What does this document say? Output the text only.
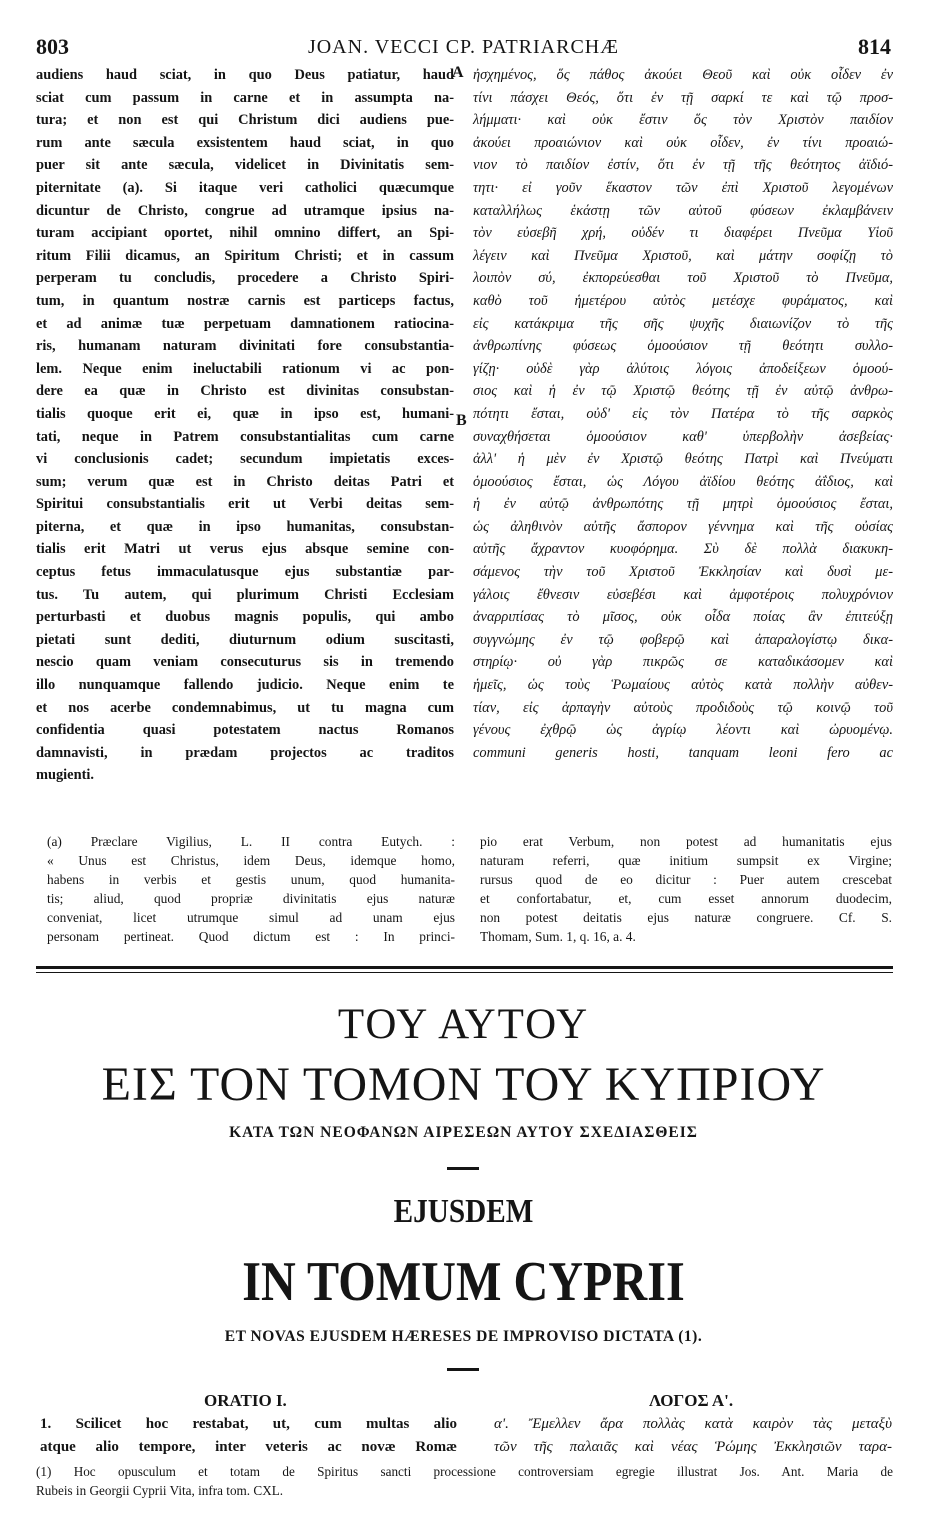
803	JOAN. VECCI CP. PATRIARCHÆ	814
audiens haud sciat, in quo Deus patiatur, haud
sciat cum passum in carne et in assumpta na-
tura; et non est qui Christum dici audiens pue-
rum ante sæcula exsistentem haud sciat, in quo
puer sit ante sæcula, videlicet in Divinitatis sem-
piternitate (a). Si itaque veri catholici quæcumque
dicuntur de Christo, congrue ad utramque ipsius na-
turam accipiant oportet, nihil omnino differt, an Spi-
ritum Filii dicamus, an Spiritum Christi; et in cassum
perperam tu concludis, procedere a Christo Spiri-
tum, in quantum nostræ carnis est particeps factus,
et ad animæ tuæ perpetuam damnationem ratiocina-
ris, humanam naturam divinitati fore consubstantia-
lem. Neque enim ineluctabili rationum vi ac pon-
dere ea quæ in Christo est divinitas consubstan-
tialis quoque erit ei, quæ in ipso est, humani-
tati, neque in Patrem consubstantialitas cum carne
vi conclusionis cadet; secundum impietatis exces-
sum; verum quæ est in Christo deitas Patri et
Spiritui consubstantialis erit ut Verbi deitas sem-
piterna, et quæ in ipso humanitas, consubstan-
tialis erit Matri ut verus ejus absque semine con-
ceptus fetus immaculatusque ejus substantiæ par-
tus. Tu autem, qui plurimum Christi Ecclesiam
perturbasti et duobus magnis populis, qui ambo
pietati sunt dediti, diuturnum odium suscitasti,
nescio quam veniam consecuturus sis in tremendo
illo nunquamque fallendo judicio. Neque enim te
et nos acerbe condemnabimus, ut tu magna cum
confidentia quasi potestatem nactus Romanos
damnavisti, in prædam projectos ac traditos
mugienti.
A
B
ἠσχημένος, ὅς πάθος ἀκούει Θεοῦ καὶ οὐκ οἶδεν ἐν
τίνι πάσχει Θεός, ὅτι ἐν τῇ σαρκί τε καὶ τῷ προσ-
λήμματι· καὶ οὐκ ἔστιν ὅς τὸν Χριστὸν παιδίον
ἀκούει προαιώνιον καὶ οὐκ οἶδεν, ἐν τίνι προαιώ-
νιον τὸ παιδίον ἐστίν, ὅτι ἐν τῇ τῆς θεότητος ἀϊδιό-
τητι· εἰ γοῦν ἕκαστον τῶν ἐπὶ Χριστοῦ λεγομένων
καταλλήλως ἑκάστῃ τῶν αὐτοῦ φύσεων ἐκλαμβάνειν
τὸν εὐσεβῆ χρή, οὐδέν τι διαφέρει Πνεῦμα Υἱοῦ
λέγειν καὶ Πνεῦμα Χριστοῦ, καὶ μάτην σοφίζῃ τὸ
λοιπὸν σύ, ἐκπορεύεσθαι τοῦ Χριστοῦ τὸ Πνεῦμα,
καθὸ τοῦ ἡμετέρου αὐτὸς μετέσχε φυράματος, καὶ
εἰς κατάκριμα τῆς σῆς ψυχῆς διαιωνίζον τὸ τῆς
ἀνθρωπίνης φύσεως ὁμοούσιον τῇ θεότητι συλλο-
γίζῃ· οὐδὲ γὰρ ἀλύτοις λόγοις ἀποδείξεων ὁμοού-
σιος καὶ ἡ ἐν τῷ Χριστῷ θεότης τῇ ἐν αὐτῷ ἀνθρω-
πότητι ἔσται, οὐδ' εἰς τὸν Πατέρα τὸ τῆς σαρκὸς
συναχθήσεται ὁμοούσιον καθ' ὑπερβολὴν ἀσεβείας·
ἀλλ' ἡ μὲν ἐν Χριστῷ θεότης Πατρὶ καὶ Πνεύματι
ὁμοούσιος ἔσται, ὡς Λόγου ἀϊδίου θεότης ἀΐδιος, καὶ
ἡ ἐν αὐτῷ ἀνθρωπότης τῇ μητρὶ ὁμοούσιος ἔσται,
ὡς ἀληθινὸν αὐτῆς ἄσπορον γέννημα καὶ τῆς οὐσίας
αὐτῆς ἄχραντον κυοφόρημα. Σὺ δὲ πολλὰ διακυκη-
σάμενος τὴν τοῦ Χριστοῦ Ἐκκλησίαν καὶ δυσὶ με-
γάλοις ἔθνεσιν εὐσεβέσι καὶ ἀμφοτέροις πολυχρόνιον
ἀναρριπίσας τὸ μῖσος, οὐκ οἶδα ποίας ἂν ἐπιτεύξῃ
συγγνώμης ἐν τῷ φοβερῷ καὶ ἀπαραλογίστῳ δικα-
στηρίῳ· οὐ γὰρ πικρῶς σε καταδικάσομεν καὶ
ἡμεῖς, ὡς τοὺς Ῥωμαίους αὐτὸς κατὰ πολλὴν αὐθεν-
τίαν, εἰς ἁρπαγὴν αὐτοὺς προδιδοὺς τῷ κοινῷ τοῦ
γένους ἐχθρῷ ὡς ἀγρίῳ λέοντι καὶ ὠρυομένῳ.
communi generis hosti, tanquam leoni fero ac
(a) Præclare Vigilius, L. II contra Eutych. :
« Unus est Christus, idem Deus, idemque homo,
habens in verbis et gestis unum, quod humanita-
tis; aliud, quod propriæ divinitatis ejus naturæ
conveniat, licet utrumque simul ad unam ejus
personam pertineat. Quod dictum est : In princi-
pio erat Verbum, non potest ad humanitatis ejus
naturam referri, quæ initium sumpsit ex Virgine;
rursus quod de eo dicitur : Puer autem crescebat
et confortabatur, et, cum esset annorum duodecim,
non potest deitatis ejus naturæ congruere. Cf. S.
Thomam, Sum. 1, q. 16, a. 4.
ΤΟΥ ΑΥΤΟΥ
ΕΙΣ ΤΟΝ ΤΟΜΟΝ ΤΟΥ ΚΥΠΡΙΟΥ
ΚΑΤΑ ΤΩΝ ΝΕΟΦΑΝΩΝ ΑΙΡΕΣΕΩΝ ΑΥΤΟΥ ΣΧΕΔΙΑΣΘΕΙΣ
EJUSDEM
IN TOMUM CYPRII
ET NOVAS EJUSDEM HÆRESES DE IMPROVISO DICTATA (1).
ORATIO I.	ΛΟΓΟΣ Α'.
1. Scilicet hoc restabat, ut, cum multas alio
atque alio tempore, inter veteris ac novæ Romæ
α'. Ἔμελλεν ἄρα πολλὰς κατὰ καιρὸν τὰς μεταξὺ
τῶν τῆς παλαιᾶς καὶ νέας Ῥώμης Ἐκκλησιῶν ταρα-
(1) Hoc opusculum et totam de Spiritus sancti processione controversiam egregie illustrat Jos. Ant. Maria de
Rubeis in Georgii Cyprii Vita, infra tom. CXL.
